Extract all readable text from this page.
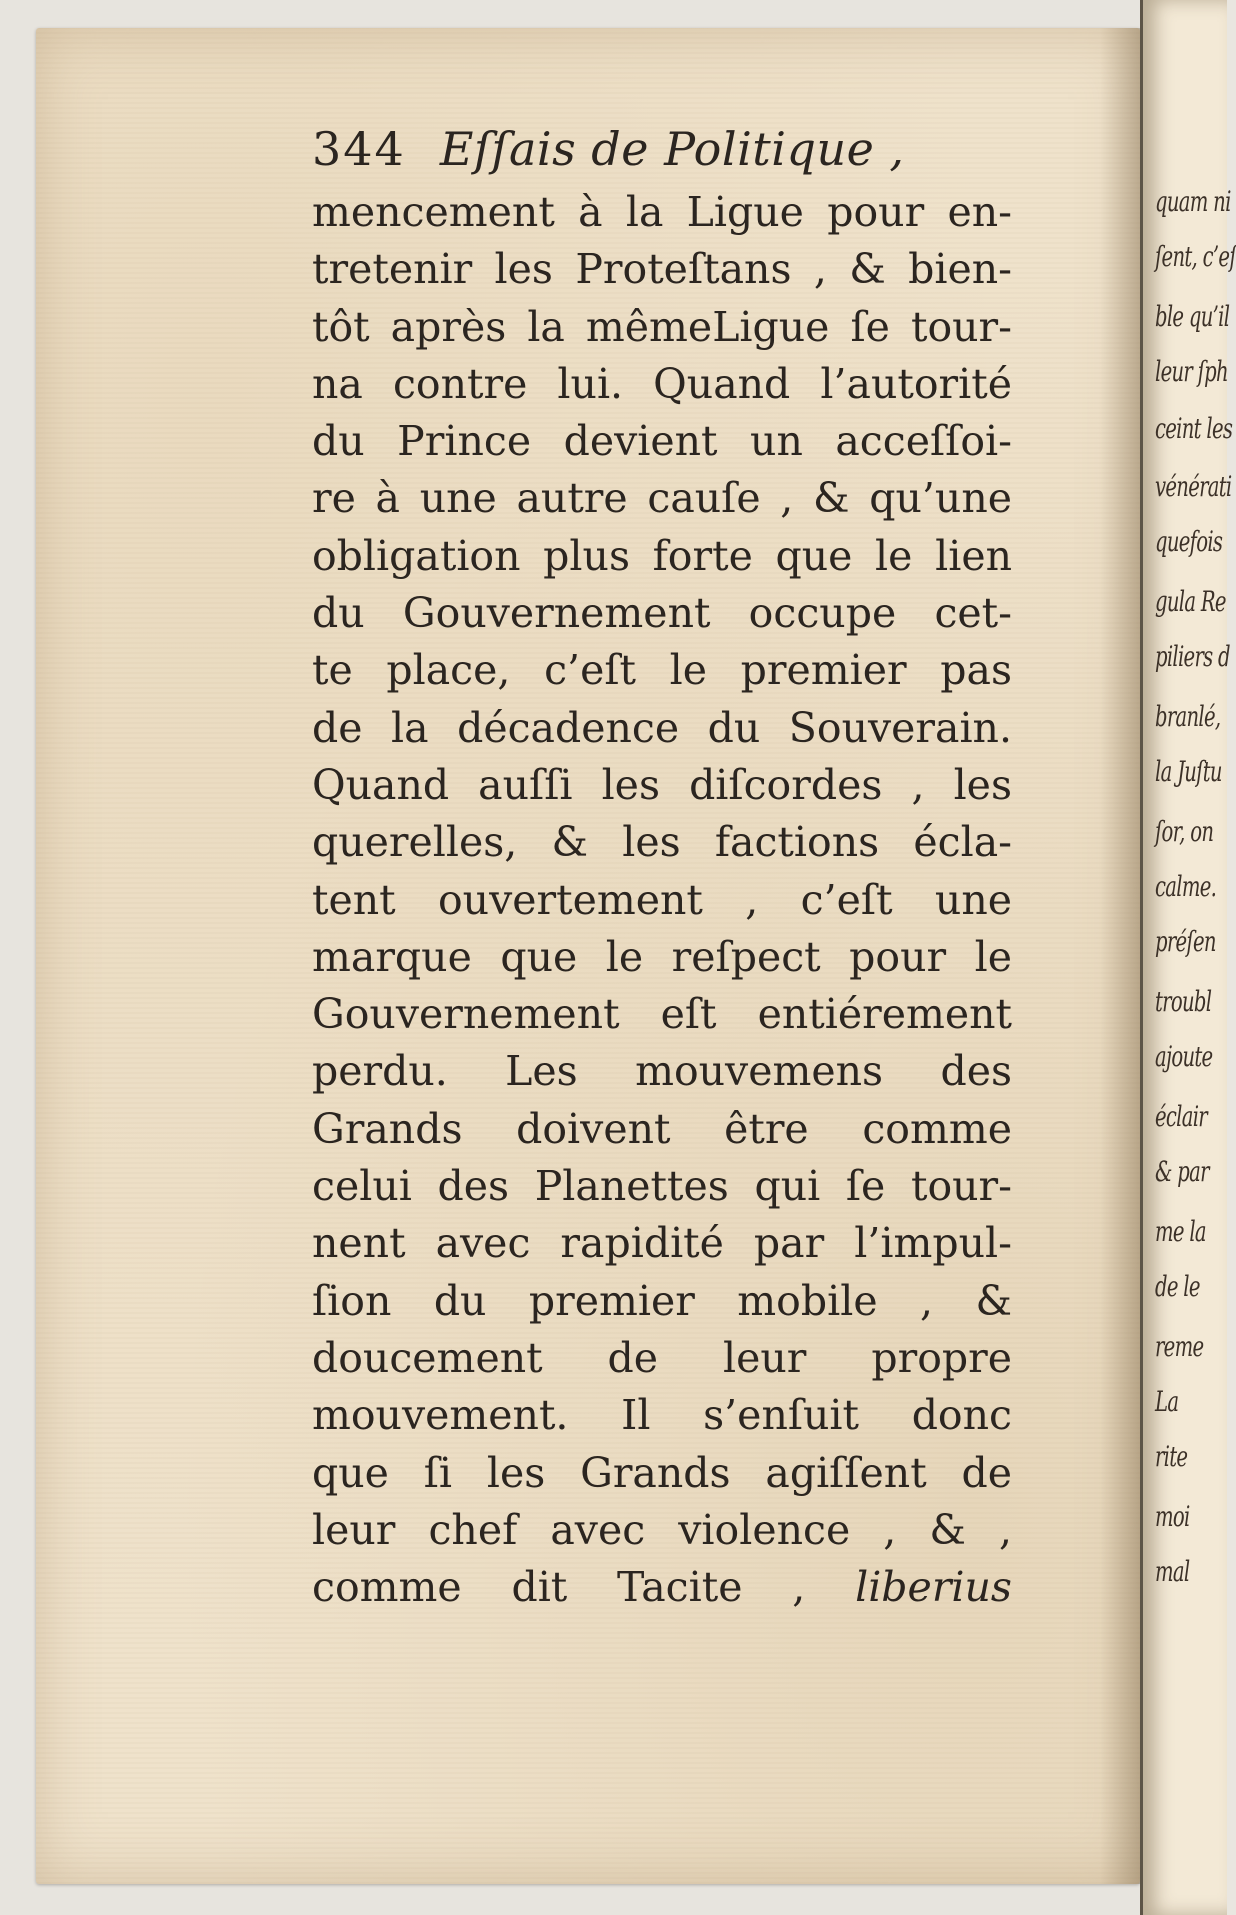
quam ni
ſent, c’eſ
ble qu’il
leur ſph
ceint les
vénérati
quefois
gula Re
piliers d
branlé,
la Juſtu
ſor, on
calme.
préſen
troubl
ajoute
éclair
& par
me la
de le
reme
La
rite
moi
mal
344 Eſſais de Politique ,
mencement à la Ligue pour en-
tretenir les Proteſtans , & bien-
tôt après la mêmeLigue ſe tour-
na contre lui. Quand l’autorité
du Prince devient un acceſſoi-
re à une autre cauſe , & qu’une
obligation plus forte que le lien
du Gouvernement occupe cet-
te place, c’eſt le premier pas
de la décadence du Souverain.
Quand auſſi les diſcordes , les
querelles, & les factions écla-
tent ouvertement , c’eſt une
marque que le reſpect pour le
Gouvernement eſt entiérement
perdu. Les mouvemens des
Grands doivent être comme
celui des Planettes qui ſe tour-
nent avec rapidité par l’impul-
ſion du premier mobile , &
doucement de leur propre
mouvement. Il s’enſuit donc
que ſi les Grands agiſſent de
leur chef avec violence , & ,
comme dit Tacite , liberius
